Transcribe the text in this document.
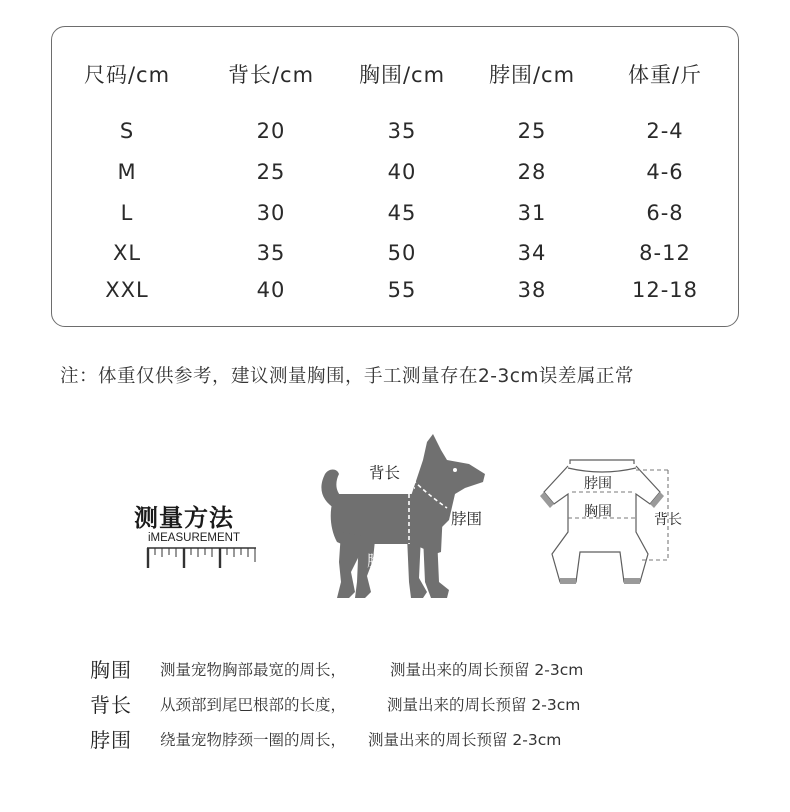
尺码/cm	背长/cm	胸围/cm	脖围/cm	体重/斤
S	20	35	25	2-4
M	25	40	28	4-6
L	30	45	31	6-8
XL	35	50	34	8-12
XXL	40	55	38	12-18
注：体重仅供参考，建议测量胸围，手工测量存在2-3cm误差属正常
测量方法
iMEASUREMENT
背长
脖围
胸围
脖围
胸围	背长
胸围 测量宠物胸部最宽的周长，	测量出来的周长预留 2-3cm
背长 从颈部到尾巴根部的长度，	测量出来的周长预留 2-3cm
脖围 绕量宠物脖颈一圈的周长， 测量出来的周长预留 2-3cm
